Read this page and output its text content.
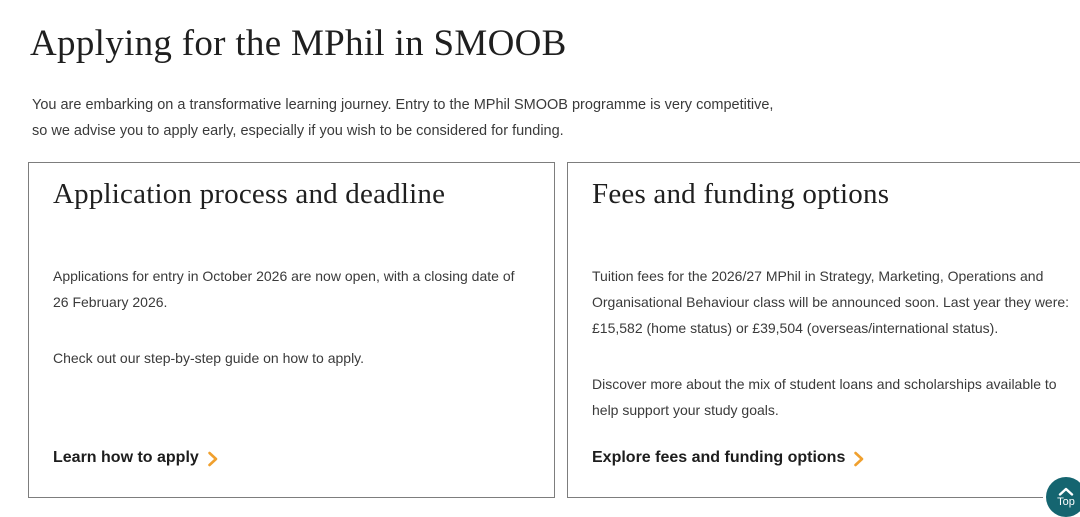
Applying for the MPhil in SMOOB

You are embarking on a transformative learning journey. Entry to the MPhil SMOOB programme is very competitive, so we advise you to apply early, especially if you wish to be considered for funding.

Application process and deadline

Applications for entry in October 2026 are now open, with a closing date of 26 February 2026.

Check out our step-by-step guide on how to apply.

Learn how to apply
Fees and funding options

Tuition fees for the 2026/27 MPhil in Strategy, Marketing, Operations and Organisational Behaviour class will be announced soon. Last year they were: £15,582 (home status) or £39,504 (overseas/international status).

Discover more about the mix of student loans and scholarships available to help support your study goals.

Explore fees and funding options
Top
